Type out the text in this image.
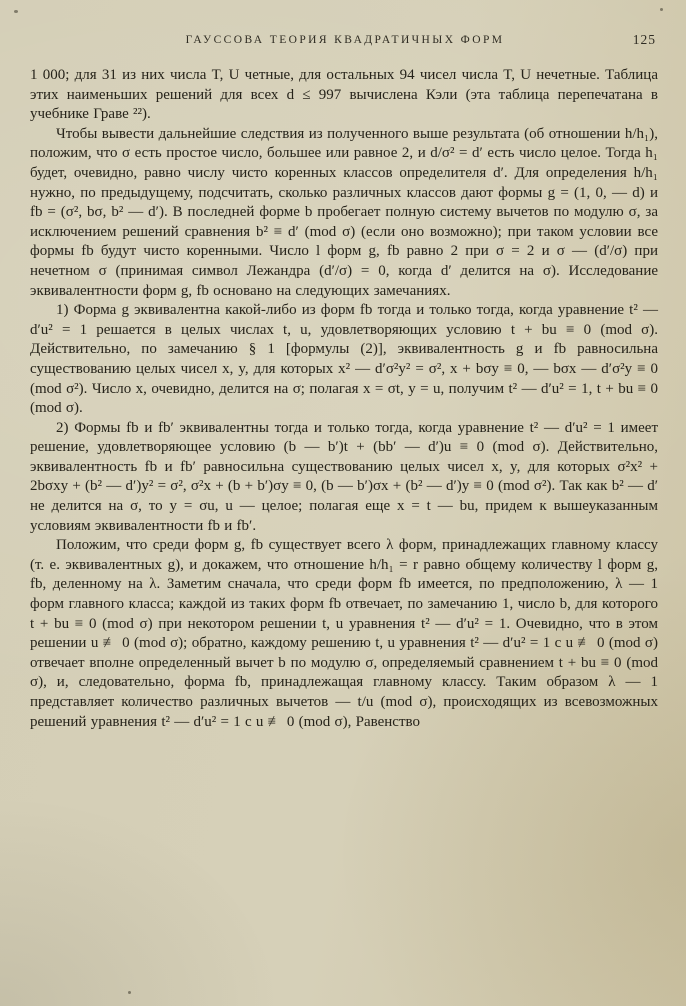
ГАУССОВА ТЕОРИЯ КВАДРАТИЧНЫХ ФОРМ	125

1 000; для 31 из них числа T, U четные, для остальных 94 чисел числа T, U нечетные. Таблица этих наименьших решений для всех d ≤ 997 вычислена Кэли (эта таблица перепечатана в учебнике Граве ²²).

Чтобы вывести дальнейшие следствия из полученного выше результата (об отношении h/h₁), положим, что σ есть простое число, большее или равное 2, и d/σ² = d′ есть число целое. Тогда h₁ будет, очевидно, равно числу чисто коренных классов определителя d′. Для определения h/h₁ нужно, по предыдущему, подсчитать, сколько различных классов дают формы g = (1, 0, — d) и fb = (σ², bσ, b² — d′). В последней форме b пробегает полную систему вычетов по модулю σ, за исключением решений сравнения b² ≡ d′ (mod σ) (если оно возможно); при таком условии все формы fb будут чисто коренными. Число l форм g, fb равно 2 при σ = 2 и σ — (d′/σ) при нечетном σ (принимая символ Лежандра (d′/σ) = 0, когда d′ делится на σ). Исследование эквивалентности форм g, fb основано на следующих замечаниях.

1) Форма g эквивалентна какой-либо из форм fb тогда и только тогда, когда уравнение t² — d′u² = 1 решается в целых числах t, u, удовлетворяющих условию t + bu ≡ 0 (mod σ). Действительно, по замечанию § 1 [формулы (2)], эквивалентность g и fb равносильна существованию целых чисел x, y, для которых x² — d′σ²y² = σ², x + bσy ≡ 0, — bσx — d′σ²y ≡ 0 (mod σ²). Число x, очевидно, делится на σ; полагая x = σt, y = u, получим t² — d′u² = 1, t + bu ≡ 0 (mod σ).

2) Формы fb и fb′ эквивалентны тогда и только тогда, когда уравнение t² — d′u² = 1 имеет решение, удовлетворяющее условию (b — b′)t + (bb′ — d′)u ≡ 0 (mod σ). Действительно, эквивалентность fb и fb′ равносильна существованию целых чисел x, y, для которых σ²x² + 2bσxy + (b² — d′)y² = σ², σ²x + (b + b′)σy ≡ 0, (b — b′)σx + (b² — d′)y ≡ 0 (mod σ²). Так как b² — d′ не делится на σ, то y = σu, u — целое; полагая еще x = t — bu, придем к вышеуказанным условиям эквивалентности fb и fb′.

Положим, что среди форм g, fb существует всего λ форм, принадлежащих главному классу (т. е. эквивалентных g), и докажем, что отношение h/h₁ = r равно общему количеству l форм g, fb, деленному на λ. Заметим сначала, что среди форм fb имеется, по предположению, λ — 1 форм главного класса; каждой из таких форм fb отвечает, по замечанию 1, число b, для которого t + bu ≡ 0 (mod σ) при некотором решении t, u уравнения t² — d′u² = 1. Очевидно, что в этом решении u ≢ 0 (mod σ); обратно, каждому решению t, u уравнения t² — d′u² = 1 с u ≢ 0 (mod σ) отвечает вполне определенный вычет b по модулю σ, определяемый сравнением t + bu ≡ 0 (mod σ), и, следовательно, форма fb, принадлежащая главному классу. Таким образом λ — 1 представляет количество различных вычетов — t/u (mod σ), происходящих из всевозможных решений уравнения t² — d′u² = 1 с u ≢ 0 (mod σ), Равенство
